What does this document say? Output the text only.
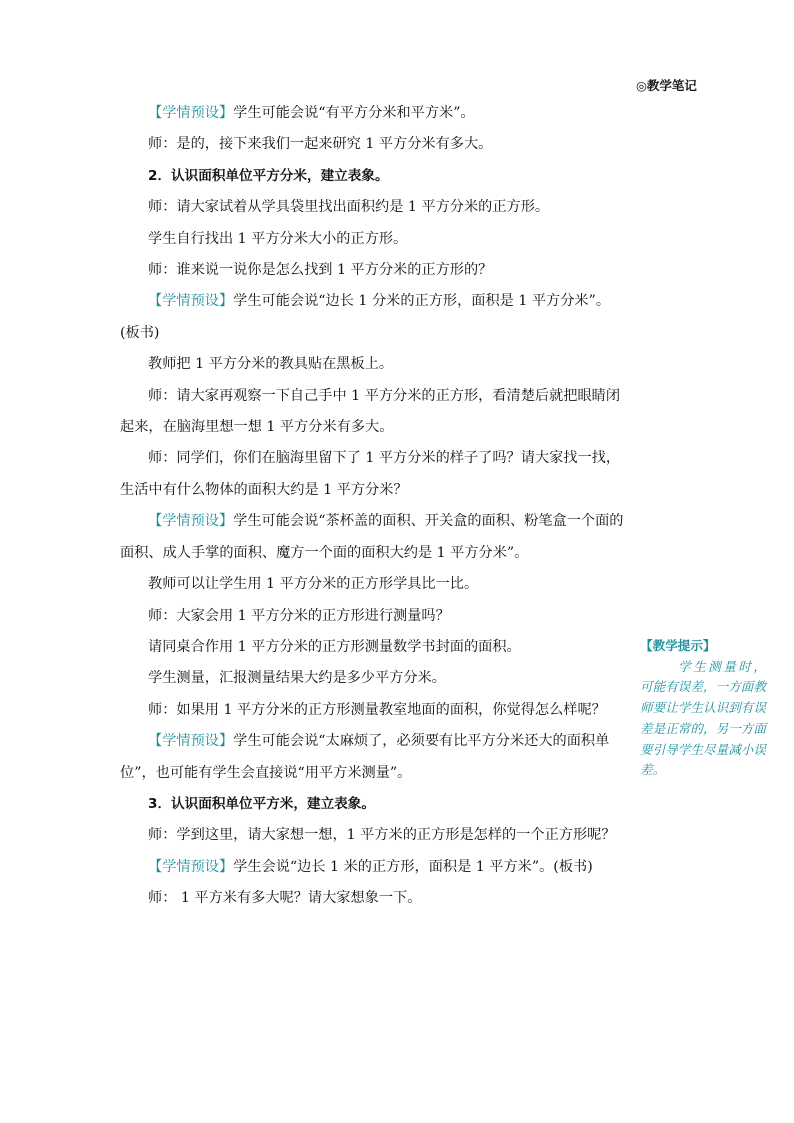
◎教学笔记

【学情预设】学生可能会说“有平方分米和平方米”。

师：是的，接下来我们一起来研究 1 平方分米有多大。

2．认识面积单位平方分米，建立表象。

师：请大家试着从学具袋里找出面积约是 1 平方分米的正方形。

学生自行找出 1 平方分米大小的正方形。

师：谁来说一说你是怎么找到 1 平方分米的正方形的？

【学情预设】学生可能会说“边长 1 分米的正方形，面积是 1 平方分米”。(板书)

教师把 1 平方分米的教具贴在黑板上。

师：请大家再观察一下自己手中 1 平方分米的正方形，看清楚后就把眼睛闭起来，在脑海里想一想 1 平方分米有多大。

师：同学们，你们在脑海里留下了 1 平方分米的样子了吗？请大家找一找，生活中有什么物体的面积大约是 1 平方分米？

【学情预设】学生可能会说“茶杯盖的面积、开关盒的面积、粉笔盒一个面的面积、成人手掌的面积、魔方一个面的面积大约是 1 平方分米”。

教师可以让学生用 1 平方分米的正方形学具比一比。

师：大家会用 1 平方分米的正方形进行测量吗？

请同桌合作用 1 平方分米的正方形测量数学书封面的面积。

学生测量，汇报测量结果大约是多少平方分米。

师：如果用 1 平方分米的正方形测量教室地面的面积，你觉得怎么样呢？

【学情预设】学生可能会说“太麻烦了，必须要有比平方分米还大的面积单位”，也可能有学生会直接说“用平方米测量”。

3．认识面积单位平方米，建立表象。

师：学到这里，请大家想一想，1 平方米的正方形是怎样的一个正方形呢？

【学情预设】学生会说“边长 1 米的正方形，面积是 1 平方米”。(板书)

师： 1 平方米有多大呢？请大家想象一下。

【教学提示】

学生测量时，可能有误差，一方面教师要让学生认识到有误差是正常的，另一方面要引导学生尽量减小误差。
